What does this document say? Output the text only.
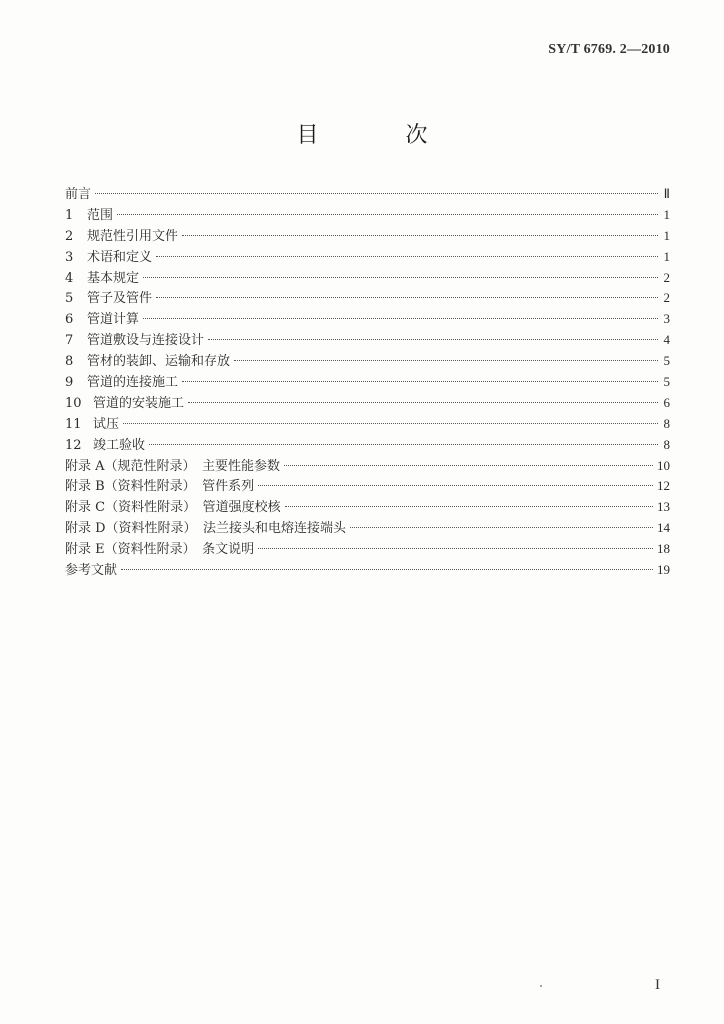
SY/T 6769. 2—2010
目 次
前言	Ⅱ
1 范围	1
2 规范性引用文件	1
3 术语和定义	1
4 基本规定	2
5 管子及管件	2
6 管道计算	3
7 管道敷设与连接设计	4
8 管材的装卸、运输和存放	5
9 管道的连接施工	5
10 管道的安装施工	6
11 试压	8
12 竣工验收	8
附录 A（规范性附录）　主要性能参数	10
附录 B（资料性附录）　管件系列	12
附录 C（资料性附录）　管道强度校核	13
附录 D（资料性附录）　法兰接头和电熔连接端头	14
附录 E（资料性附录）　条文说明	18
参考文献	19
I
